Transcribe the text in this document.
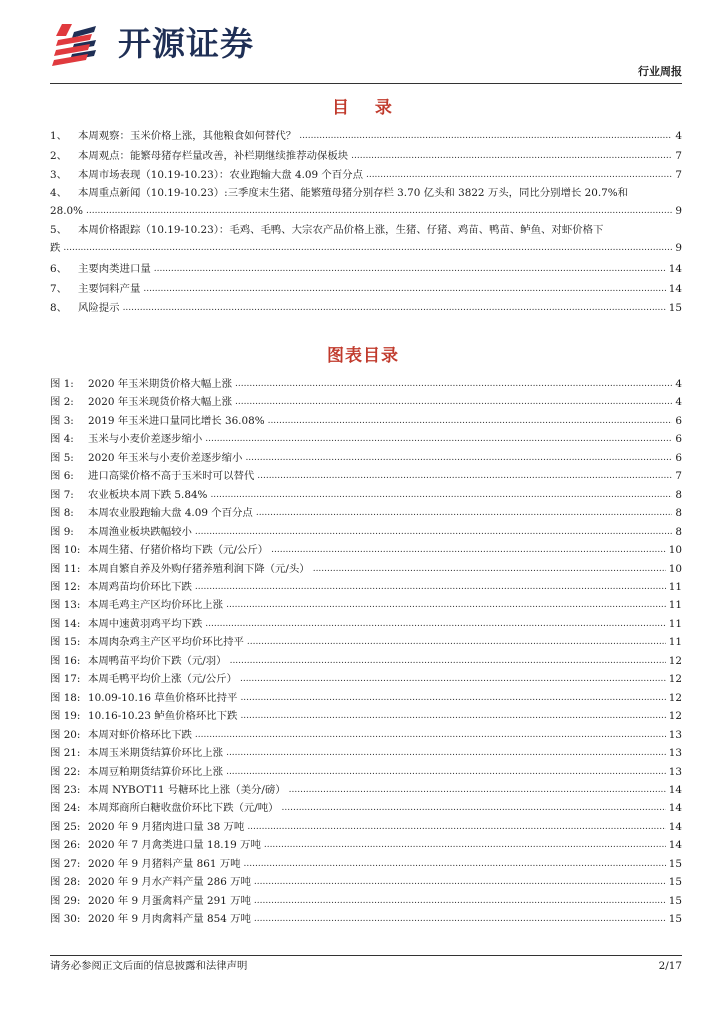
开源证券
行业周报
目 录
1、	本周观察：玉米价格上涨，其他粮食如何替代？ .....	4
2、	本周观点：能繁母猪存栏量改善，补栏期继续推荐动保板块 .....	7
3、	本周市场表现（10.19-10.23）：农业跑输大盘 4.09 个百分点 .....	7
4、	本周重点新闻（10.19-10.23）:三季度末生猪、能繁殖母猪分别存栏 3.70 亿头和 3822 万头，同比分别增长 20.7%和
28.0% .....	9
5、	本周价格跟踪（10.19-10.23）：毛鸡、毛鸭、大宗农产品价格上涨，生猪、仔猪、鸡苗、鸭苗、鲈鱼、对虾价格下
跌 .....	9
6、	主要肉类进口量 .....	14
7、	主要饲料产量 .....	14
8、	风险提示 .....	15
图表目录
图 1:	2020 年玉米期货价格大幅上涨 .....	4
图 2:	2020 年玉米现货价格大幅上涨 .....	4
图 3:	2019 年玉米进口量同比增长 36.08% .....	6
图 4:	玉米与小麦价差逐步缩小 .....	6
图 5:	2020 年玉米与小麦价差逐步缩小 .....	6
图 6:	进口高粱价格不高于玉米时可以替代 .....	7
图 7:	农业板块本周下跌 5.84% .....	8
图 8:	本周农业股跑输大盘 4.09 个百分点 .....	8
图 9:	本周渔业板块跌幅较小 .....	8
图 10: 本周生猪、仔猪价格均下跌（元/公斤） .....	10
图 11: 本周自繁自养及外购仔猪养殖利润下降（元/头） .....	10
图 12: 本周鸡苗均价环比下跌 .....	11
图 13: 本周毛鸡主产区均价环比上涨 .....	11
图 14: 本周中速黄羽鸡平均下跌 .....	11
图 15: 本周肉杂鸡主产区平均价环比持平 .....	11
图 16: 本周鸭苗平均价下跌（元/羽） .....	12
图 17: 本周毛鸭平均价上涨（元/公斤） .....	12
图 18: 10.09-10.16 草鱼价格环比持平 .....	12
图 19: 10.16-10.23 鲈鱼价格环比下跌 .....	12
图 20: 本周对虾价格环比下跌 .....	13
图 21: 本周玉米期货结算价环比上涨 .....	13
图 22: 本周豆粕期货结算价环比上涨 .....	13
图 23: 本周 NYBOT11 号糖环比上涨（美分/磅） .....	14
图 24: 本周郑商所白糖收盘价环比下跌（元/吨） .....	14
图 25: 2020 年 9 月猪肉进口量 38 万吨 .....	14
图 26: 2020 年 7 月禽类进口量 18.19 万吨 .....	14
图 27: 2020 年 9 月猪料产量 861 万吨 .....	15
图 28: 2020 年 9 月水产料产量 286 万吨 .....	15
图 29: 2020 年 9 月蛋禽料产量 291 万吨 .....	15
图 30: 2020 年 9 月肉禽料产量 854 万吨 .....	15
请务必参阅正文后面的信息披露和法律声明	2/17
